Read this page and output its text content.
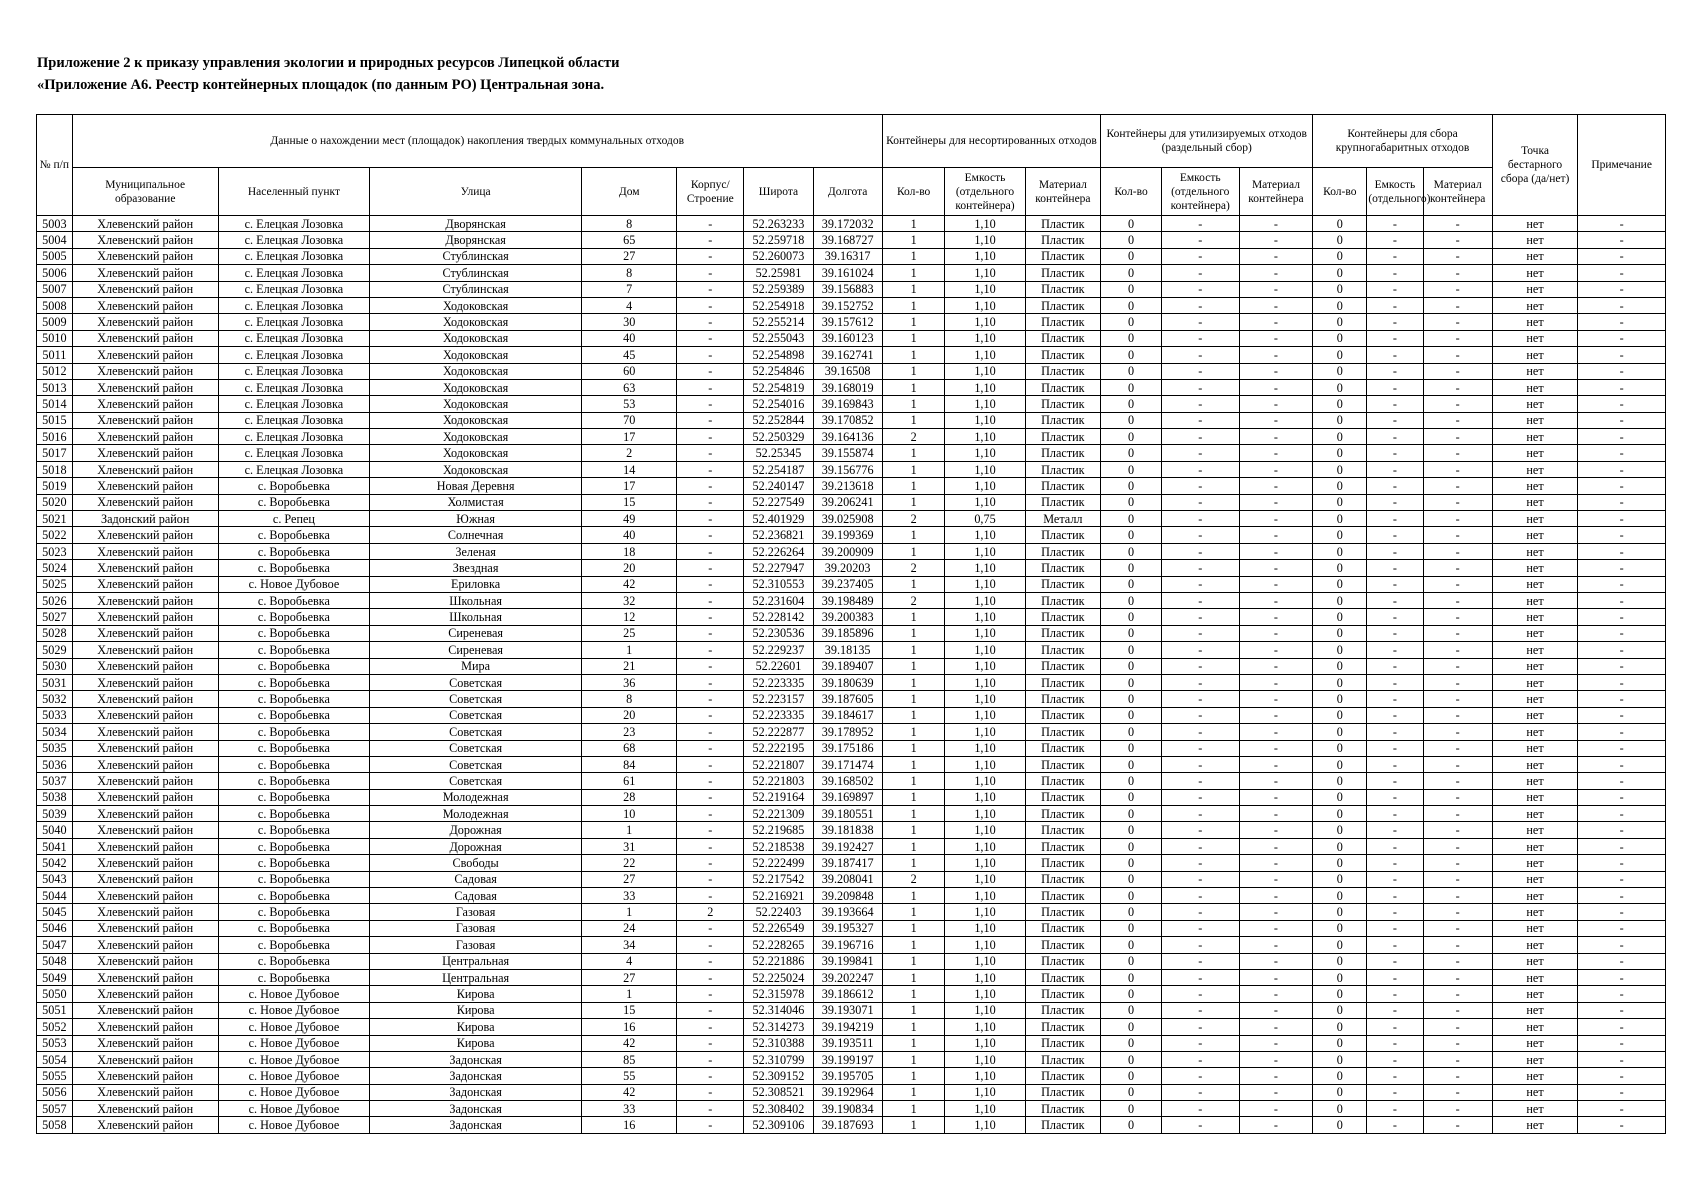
Приложение 2 к приказу управления экологии и природных ресурсов Липецкой области
«Приложение А6. Реестр контейнерных площадок (по данным РО) Центральная зона.
№ п/п	Данные о нахождении мест (площадок) накопления твердых коммунальных отходов							Контейнеры для несортированных отходов			Контейнеры для утилизируемых отходов (раздельный сбор)			Контейнеры для сбора крупногабаритных отходов			Точка бестарного сбора (да/нет)	Примечание
	Муниципальное образование	Населенный пункт	Улица	Дом	Корпус/ Строение	Широта	Долгота	Кол-во	Емкость (отдельного контейнера)	Материал контейнера	Кол-во	Емкость (отдельного контейнера)	Материал контейнера	Кол-во	Емкость (отдельного)	Материал контейнера		
5003	Хлевенский район	с. Елецкая Лозовка	Дворянская	8	-	52.263233	39.172032	1	1,10	Пластик	0	-	-	0	-	-	нет	-
5004	Хлевенский район	с. Елецкая Лозовка	Дворянская	65	-	52.259718	39.168727	1	1,10	Пластик	0	-	-	0	-	-	нет	-
5005	Хлевенский район	с. Елецкая Лозовка	Стублинская	27	-	52.260073	39.16317	1	1,10	Пластик	0	-	-	0	-	-	нет	-
5006	Хлевенский район	с. Елецкая Лозовка	Стублинская	8	-	52.25981	39.161024	1	1,10	Пластик	0	-	-	0	-	-	нет	-
5007	Хлевенский район	с. Елецкая Лозовка	Стублинская	7	-	52.259389	39.156883	1	1,10	Пластик	0	-	-	0	-	-	нет	-
5008	Хлевенский район	с. Елецкая Лозовка	Ходоковская	4	-	52.254918	39.152752	1	1,10	Пластик	0	-	-	0	-	-	нет	-
5009	Хлевенский район	с. Елецкая Лозовка	Ходоковская	30	-	52.255214	39.157612	1	1,10	Пластик	0	-	-	0	-	-	нет	-
5010	Хлевенский район	с. Елецкая Лозовка	Ходоковская	40	-	52.255043	39.160123	1	1,10	Пластик	0	-	-	0	-	-	нет	-
5011	Хлевенский район	с. Елецкая Лозовка	Ходоковская	45	-	52.254898	39.162741	1	1,10	Пластик	0	-	-	0	-	-	нет	-
5012	Хлевенский район	с. Елецкая Лозовка	Ходоковская	60	-	52.254846	39.16508	1	1,10	Пластик	0	-	-	0	-	-	нет	-
5013	Хлевенский район	с. Елецкая Лозовка	Ходоковская	63	-	52.254819	39.168019	1	1,10	Пластик	0	-	-	0	-	-	нет	-
5014	Хлевенский район	с. Елецкая Лозовка	Ходоковская	53	-	52.254016	39.169843	1	1,10	Пластик	0	-	-	0	-	-	нет	-
5015	Хлевенский район	с. Елецкая Лозовка	Ходоковская	70	-	52.252844	39.170852	1	1,10	Пластик	0	-	-	0	-	-	нет	-
5016	Хлевенский район	с. Елецкая Лозовка	Ходоковская	17	-	52.250329	39.164136	2	1,10	Пластик	0	-	-	0	-	-	нет	-
5017	Хлевенский район	с. Елецкая Лозовка	Ходоковская	2	-	52.25345	39.155874	1	1,10	Пластик	0	-	-	0	-	-	нет	-
5018	Хлевенский район	с. Елецкая Лозовка	Ходоковская	14	-	52.254187	39.156776	1	1,10	Пластик	0	-	-	0	-	-	нет	-
5019	Хлевенский район	с. Воробьевка	Новая Деревня	17	-	52.240147	39.213618	1	1,10	Пластик	0	-	-	0	-	-	нет	-
5020	Хлевенский район	с. Воробьевка	Холмистая	15	-	52.227549	39.206241	1	1,10	Пластик	0	-	-	0	-	-	нет	-
5021	Задонский район	с. Репец	Южная	49	-	52.401929	39.025908	2	0,75	Металл	0	-	-	0	-	-	нет	-
5022	Хлевенский район	с. Воробьевка	Солнечная	40	-	52.236821	39.199369	1	1,10	Пластик	0	-	-	0	-	-	нет	-
5023	Хлевенский район	с. Воробьевка	Зеленая	18	-	52.226264	39.200909	1	1,10	Пластик	0	-	-	0	-	-	нет	-
5024	Хлевенский район	с. Воробьевка	Звездная	20	-	52.227947	39.20203	2	1,10	Пластик	0	-	-	0	-	-	нет	-
5025	Хлевенский район	с. Новое Дубовое	Ериловка	42	-	52.310553	39.237405	1	1,10	Пластик	0	-	-	0	-	-	нет	-
5026	Хлевенский район	с. Воробьевка	Школьная	32	-	52.231604	39.198489	2	1,10	Пластик	0	-	-	0	-	-	нет	-
5027	Хлевенский район	с. Воробьевка	Школьная	12	-	52.228142	39.200383	1	1,10	Пластик	0	-	-	0	-	-	нет	-
5028	Хлевенский район	с. Воробьевка	Сиреневая	25	-	52.230536	39.185896	1	1,10	Пластик	0	-	-	0	-	-	нет	-
5029	Хлевенский район	с. Воробьевка	Сиреневая	1	-	52.229237	39.18135	1	1,10	Пластик	0	-	-	0	-	-	нет	-
5030	Хлевенский район	с. Воробьевка	Мира	21	-	52.22601	39.189407	1	1,10	Пластик	0	-	-	0	-	-	нет	-
5031	Хлевенский район	с. Воробьевка	Советская	36	-	52.223335	39.180639	1	1,10	Пластик	0	-	-	0	-	-	нет	-
5032	Хлевенский район	с. Воробьевка	Советская	8	-	52.223157	39.187605	1	1,10	Пластик	0	-	-	0	-	-	нет	-
5033	Хлевенский район	с. Воробьевка	Советская	20	-	52.223335	39.184617	1	1,10	Пластик	0	-	-	0	-	-	нет	-
5034	Хлевенский район	с. Воробьевка	Советская	23	-	52.222877	39.178952	1	1,10	Пластик	0	-	-	0	-	-	нет	-
5035	Хлевенский район	с. Воробьевка	Советская	68	-	52.222195	39.175186	1	1,10	Пластик	0	-	-	0	-	-	нет	-
5036	Хлевенский район	с. Воробьевка	Советская	84	-	52.221807	39.171474	1	1,10	Пластик	0	-	-	0	-	-	нет	-
5037	Хлевенский район	с. Воробьевка	Советская	61	-	52.221803	39.168502	1	1,10	Пластик	0	-	-	0	-	-	нет	-
5038	Хлевенский район	с. Воробьевка	Молодежная	28	-	52.219164	39.169897	1	1,10	Пластик	0	-	-	0	-	-	нет	-
5039	Хлевенский район	с. Воробьевка	Молодежная	10	-	52.221309	39.180551	1	1,10	Пластик	0	-	-	0	-	-	нет	-
5040	Хлевенский район	с. Воробьевка	Дорожная	1	-	52.219685	39.181838	1	1,10	Пластик	0	-	-	0	-	-	нет	-
5041	Хлевенский район	с. Воробьевка	Дорожная	31	-	52.218538	39.192427	1	1,10	Пластик	0	-	-	0	-	-	нет	-
5042	Хлевенский район	с. Воробьевка	Свободы	22	-	52.222499	39.187417	1	1,10	Пластик	0	-	-	0	-	-	нет	-
5043	Хлевенский район	с. Воробьевка	Садовая	27	-	52.217542	39.208041	2	1,10	Пластик	0	-	-	0	-	-	нет	-
5044	Хлевенский район	с. Воробьевка	Садовая	33	-	52.216921	39.209848	1	1,10	Пластик	0	-	-	0	-	-	нет	-
5045	Хлевенский район	с. Воробьевка	Газовая	1	2	52.22403	39.193664	1	1,10	Пластик	0	-	-	0	-	-	нет	-
5046	Хлевенский район	с. Воробьевка	Газовая	24	-	52.226549	39.195327	1	1,10	Пластик	0	-	-	0	-	-	нет	-
5047	Хлевенский район	с. Воробьевка	Газовая	34	-	52.228265	39.196716	1	1,10	Пластик	0	-	-	0	-	-	нет	-
5048	Хлевенский район	с. Воробьевка	Центральная	4	-	52.221886	39.199841	1	1,10	Пластик	0	-	-	0	-	-	нет	-
5049	Хлевенский район	с. Воробьевка	Центральная	27	-	52.225024	39.202247	1	1,10	Пластик	0	-	-	0	-	-	нет	-
5050	Хлевенский район	с. Новое Дубовое	Кирова	1	-	52.315978	39.186612	1	1,10	Пластик	0	-	-	0	-	-	нет	-
5051	Хлевенский район	с. Новое Дубовое	Кирова	15	-	52.314046	39.193071	1	1,10	Пластик	0	-	-	0	-	-	нет	-
5052	Хлевенский район	с. Новое Дубовое	Кирова	16	-	52.314273	39.194219	1	1,10	Пластик	0	-	-	0	-	-	нет	-
5053	Хлевенский район	с. Новое Дубовое	Кирова	42	-	52.310388	39.193511	1	1,10	Пластик	0	-	-	0	-	-	нет	-
5054	Хлевенский район	с. Новое Дубовое	Задонская	85	-	52.310799	39.199197	1	1,10	Пластик	0	-	-	0	-	-	нет	-
5055	Хлевенский район	с. Новое Дубовое	Задонская	55	-	52.309152	39.195705	1	1,10	Пластик	0	-	-	0	-	-	нет	-
5056	Хлевенский район	с. Новое Дубовое	Задонская	42	-	52.308521	39.192964	1	1,10	Пластик	0	-	-	0	-	-	нет	-
5057	Хлевенский район	с. Новое Дубовое	Задонская	33	-	52.308402	39.190834	1	1,10	Пластик	0	-	-	0	-	-	нет	-
5058	Хлевенский район	с. Новое Дубовое	Задонская	16	-	52.309106	39.187693	1	1,10	Пластик	0	-	-	0	-	-	нет	-
